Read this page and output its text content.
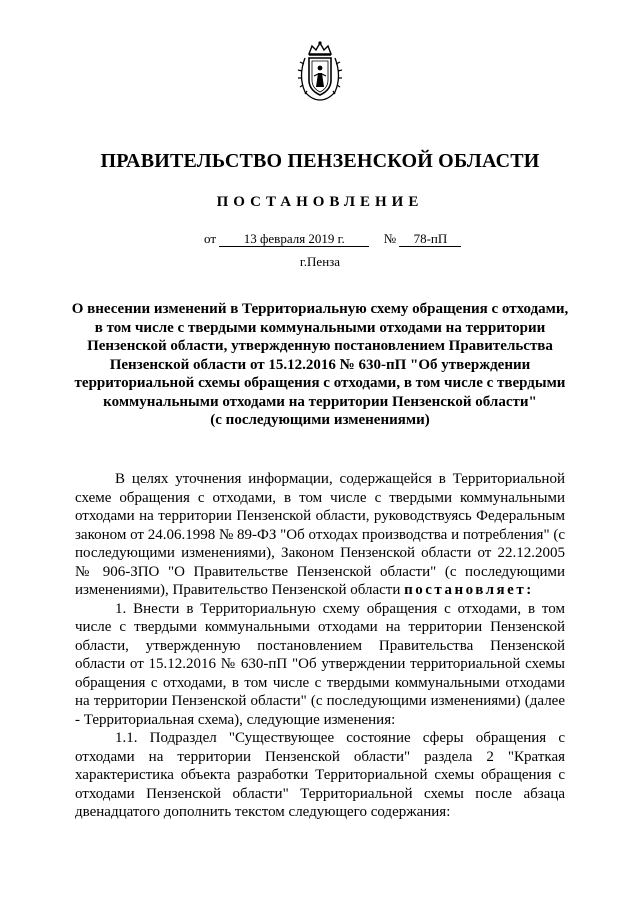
ПРАВИТЕЛЬСТВО ПЕНЗЕНСКОЙ ОБЛАСТИ
ПОСТАНОВЛЕНИЕ
от 13 февраля 2019 г.	№ 78-пП
г.Пенза
О внесении изменений в Территориальную схему обращения с отходами,
в том числе с твердыми коммунальными отходами на территории
Пензенской области, утвержденную постановлением Правительства
Пензенской области от 15.12.2016 № 630-пП "Об утверждении
территориальной схемы обращения с отходами, в том числе с твердыми
коммунальными отходами на территории Пензенской области"
(с последующими изменениями)

В целях уточнения информации, содержащейся в Территориальной схеме обращения с отходами, в том числе с твердыми коммунальными отходами на территории Пензенской области, руководствуясь Федеральным законом от 24.06.1998 № 89-ФЗ "Об отходах производства и потребления" (с последующими изменениями), Законом Пензенской области от 22.12.2005 № 906-ЗПО "О Правительстве Пензенской области" (с последующими изменениями), Правительство Пензенской области постановляет:

1. Внести в Территориальную схему обращения с отходами, в том числе с твердыми коммунальными отходами на территории Пензенской области, утвержденную постановлением Правительства Пензенской области от 15.12.2016 № 630-пП "Об утверждении территориальной схемы обращения с отходами, в том числе с твердыми коммунальными отходами на территории Пензенской области" (с последующими изменениями) (далее - Территориальная схема), следующие изменения:

1.1. Подраздел "Существующее состояние сферы обращения с отходами на территории Пензенской области" раздела 2 "Краткая характеристика объекта разработки Территориальной схемы обращения с отходами Пензенской области" Территориальной схемы после абзаца двенадцатого дополнить текстом следующего содержания:
